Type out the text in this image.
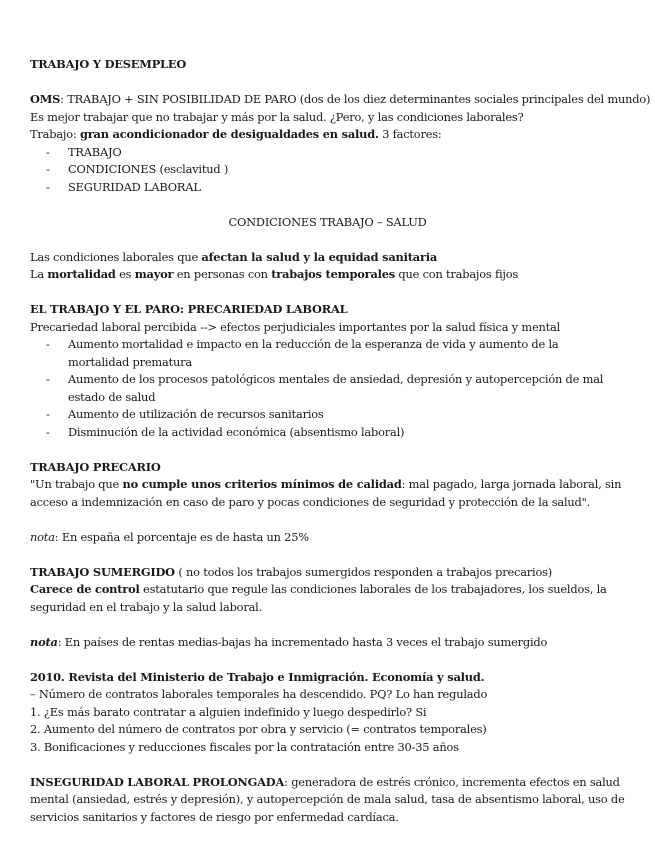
TRABAJO Y DESEMPLEO
OMS: TRABAJO + SIN POSIBILIDAD DE PARO (dos de los diez determinantes sociales principales del mundo)
Es mejor trabajar que no trabajar y más por la salud. ¿Pero, y las condiciones laborales?
Trabajo: gran acondicionador de desigualdades en salud. 3 factores:
- TRABAJO
- CONDICIONES (esclavitud )
- SEGURIDAD LABORAL
CONDICIONES TRABAJO – SALUD
Las condiciones laborales que afectan la salud y la equidad sanitaria
La mortalidad es mayor en personas con trabajos temporales que con trabajos fijos
EL TRABAJO Y EL PARO: PRECARIEDAD LABORAL
Precariedad laboral percibida --> efectos perjudiciales importantes por la salud física y mental
- Aumento mortalidad e impacto en la reducción de la esperanza de vida y aumento de la mortalidad prematura
- Aumento de los procesos patológicos mentales de ansiedad, depresión y autopercepción de mal estado de salud
- Aumento de utilización de recursos sanitarios
- Disminución de la actividad económica (absentismo laboral)
TRABAJO PRECARIO
"Un trabajo que no cumple unos criterios mínimos de calidad: mal pagado, larga jornada laboral, sin acceso a indemnización en caso de paro y pocas condiciones de seguridad y protección de la salud".
nota: En españa el porcentaje es de hasta un 25%
TRABAJO SUMERGIDO ( no todos los trabajos sumergidos responden a trabajos precarios)
Carece de control estatutario que regule las condiciones laborales de los trabajadores, los sueldos, la seguridad en el trabajo y la salud laboral.
nota: En países de rentas medias-bajas ha incrementado hasta 3 veces el trabajo sumergido
2010. Revista del Ministerio de Trabajo e Inmigración. Economía y salud.
– Número de contratos laborales temporales ha descendido. PQ? Lo han regulado
1. ¿Es más barato contratar a alguien indefinido y luego despedirlo? Si
2. Aumento del número de contratos por obra y servicio (= contratos temporales)
3. Bonificaciones y reducciones fiscales por la contratación entre 30-35 años
INSEGURIDAD LABORAL PROLONGADA: generadora de estrés crónico, incrementa efectos en salud mental (ansiedad, estrés y depresión), y autopercepción de mala salud, tasa de absentismo laboral, uso de servicios sanitarios y factores de riesgo por enfermedad cardíaca.
